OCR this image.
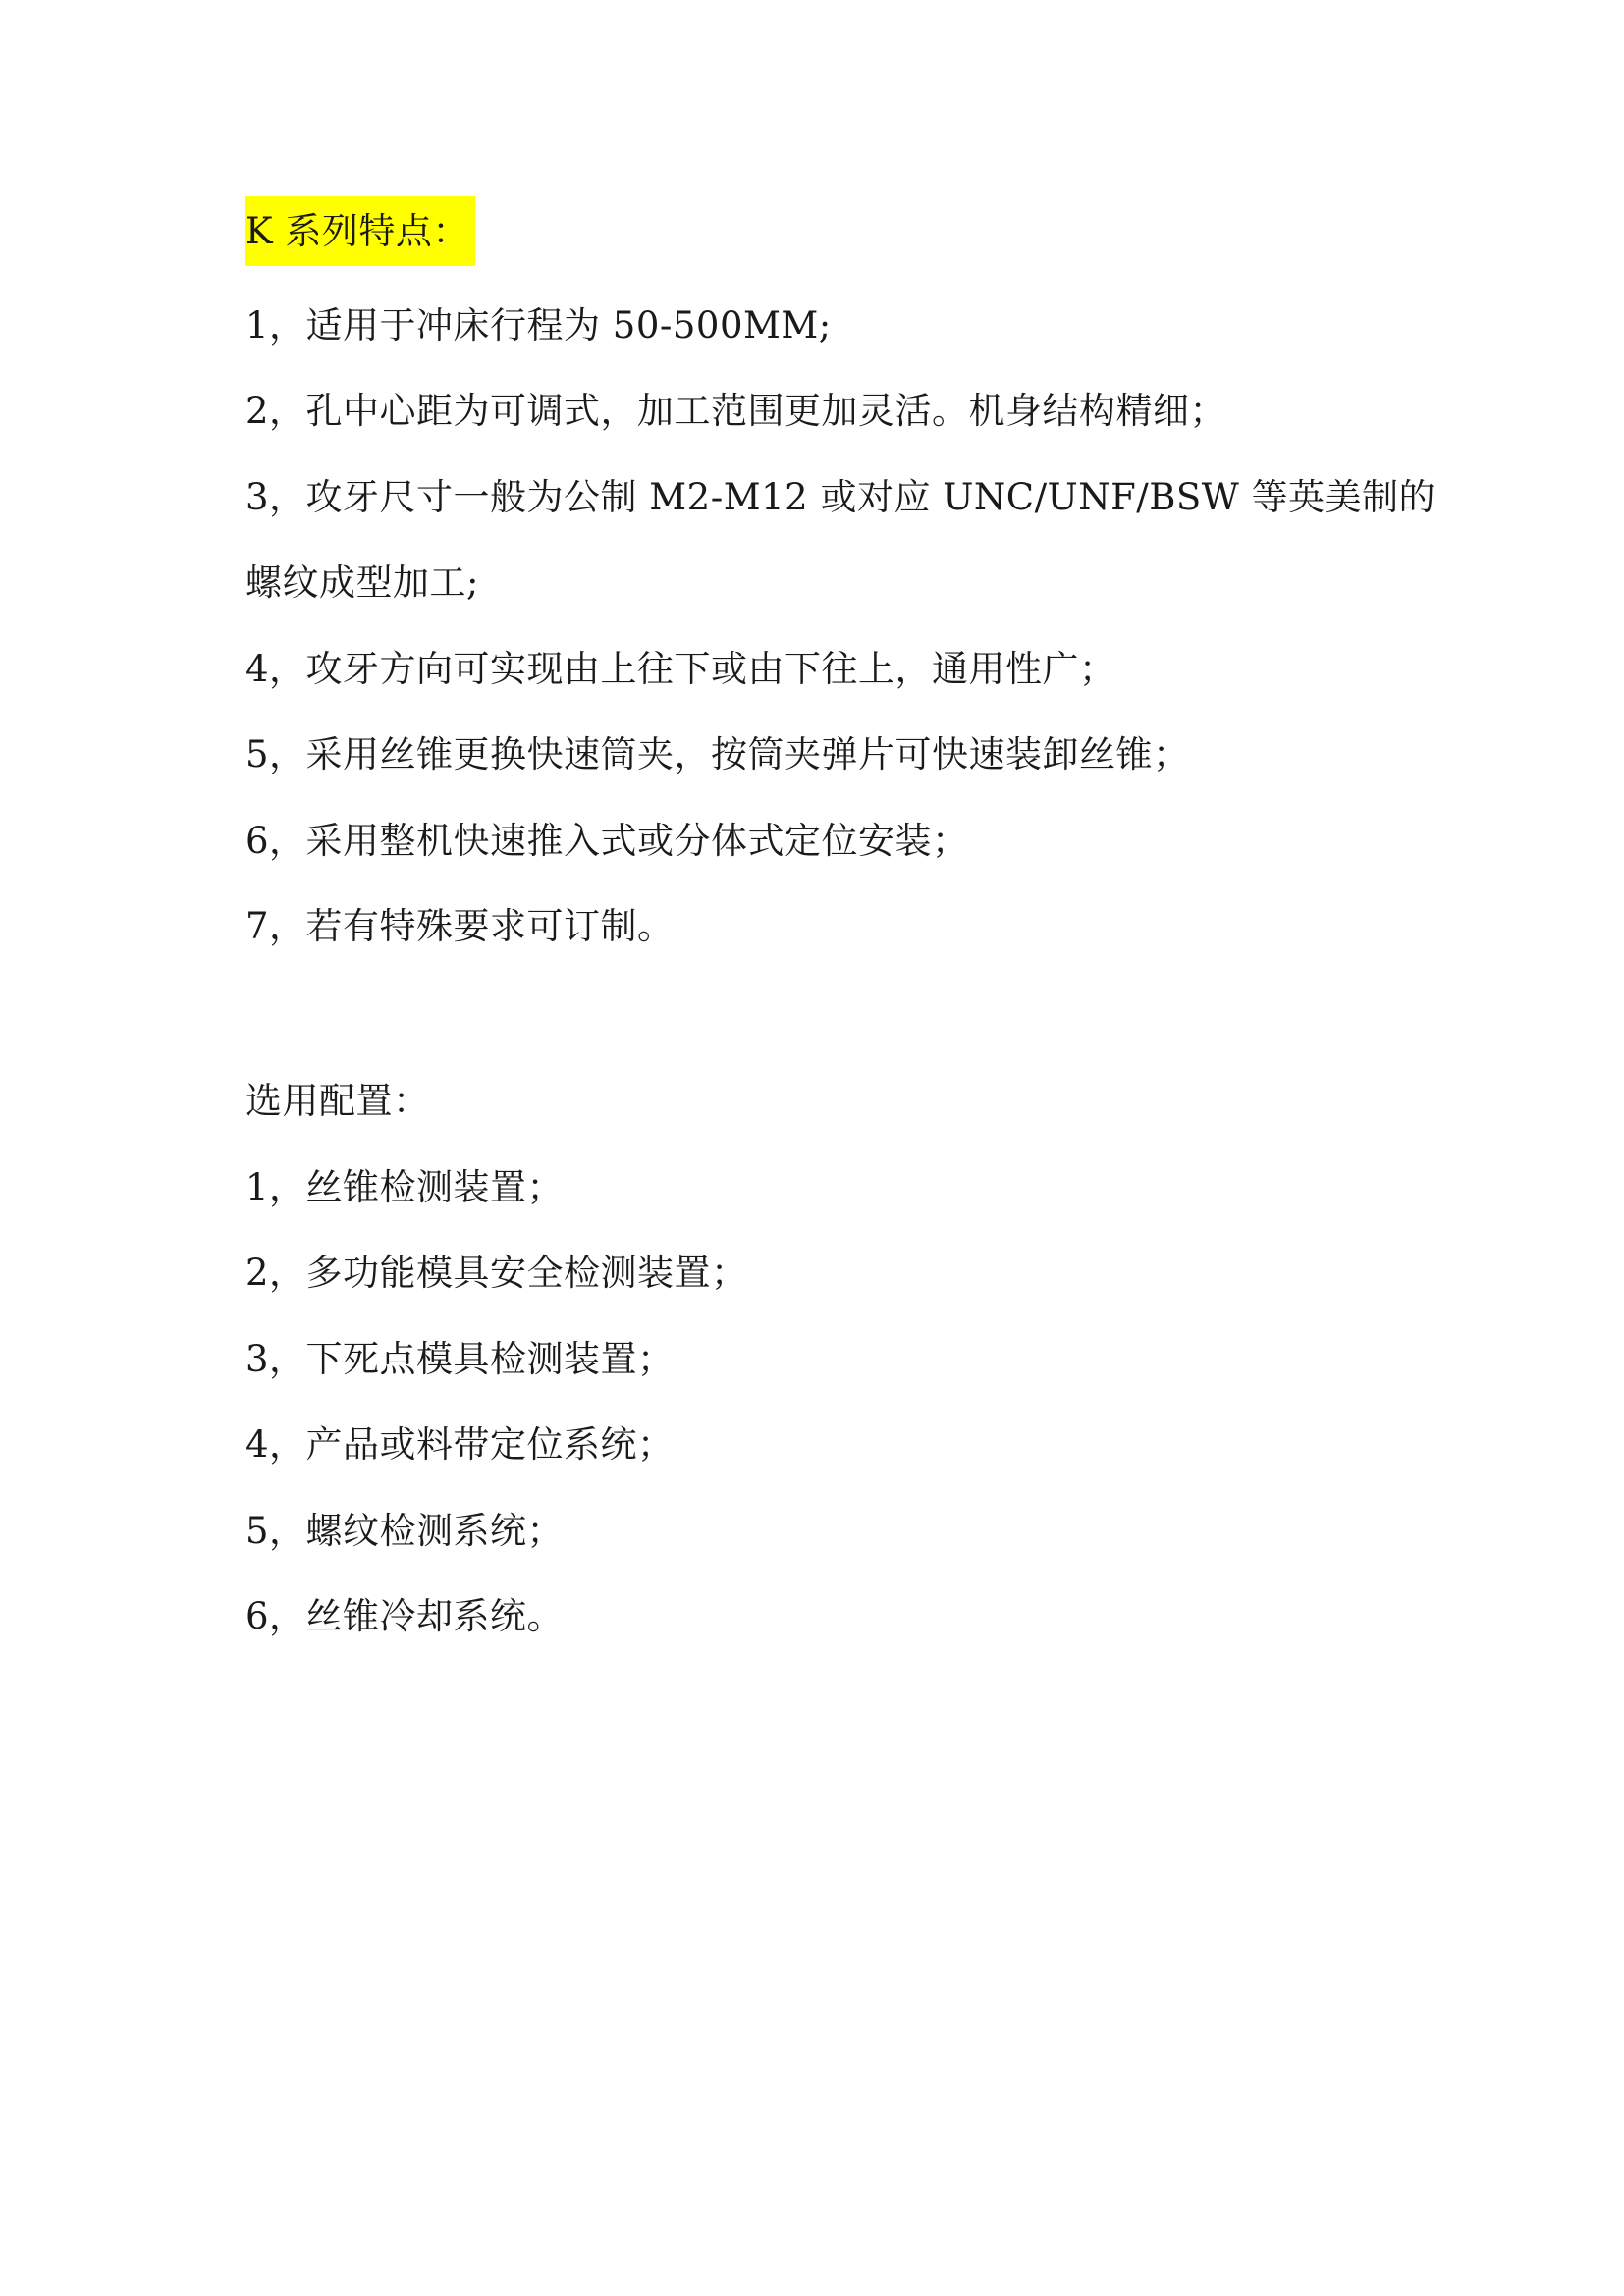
K 系列特点：
1，适用于冲床行程为 50-500MM;
2，孔中心距为可调式，加工范围更加灵活。机身结构精细；
3，攻牙尺寸一般为公制 M2-M12 或对应 UNC/UNF/BSW 等英美制的
螺纹成型加工;
4，攻牙方向可实现由上往下或由下往上，通用性广；
5，采用丝锥更换快速筒夹，按筒夹弹片可快速装卸丝锥；
6，采用整机快速推入式或分体式定位安装；
7，若有特殊要求可订制。
选用配置：
1，丝锥检测装置；
2，多功能模具安全检测装置；
3，下死点模具检测装置；
4，产品或料带定位系统；
5，螺纹检测系统；
6，丝锥冷却系统。
